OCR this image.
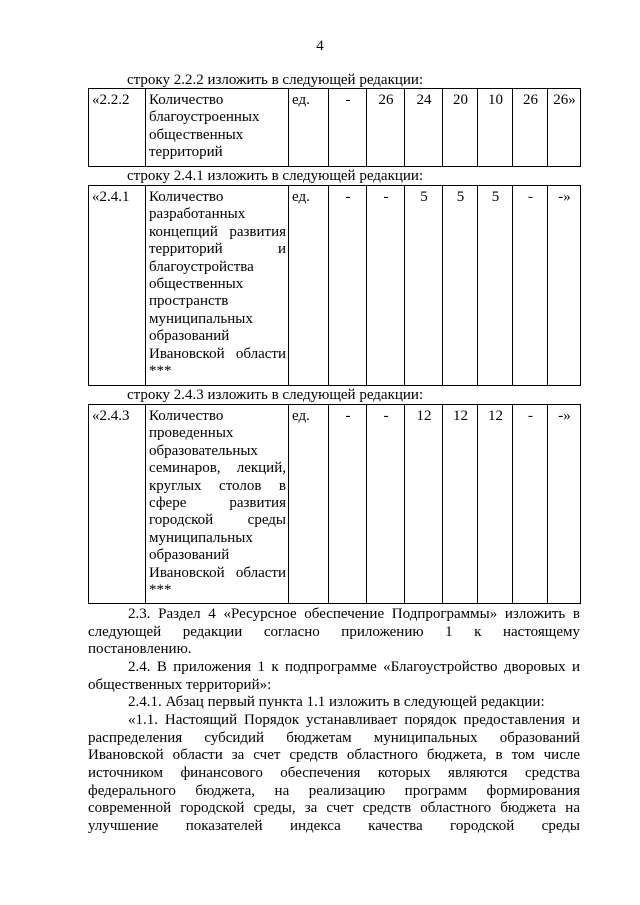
4
строку 2.2.2 изложить в следующей редакции:
«2.2.2	Количество благоустроенных общественных территорий	ед.	-	26	24	20	10	26	26»
строку 2.4.1 изложить в следующей редакции:
«2.4.1	Количество разработанных концепций развития территорий и благоустройства общественных пространств муниципальных образований Ивановской области ***	ед.	-	-	5	5	5	-	-»
строку 2.4.3 изложить в следующей редакции:
«2.4.3	Количество проведенных образовательных семинаров, лекций, круглых столов в сфере развития городской среды муниципальных образований Ивановской области ***	ед.	-	-	12	12	12	-	-»
2.3. Раздел 4 «Ресурсное обеспечение Подпрограммы» изложить в
следующей редакции согласно приложению 1 к настоящему
постановлению.
2.4. В приложения 1 к подпрограмме «Благоустройство дворовых и
общественных территорий»:
2.4.1. Абзац первый пункта 1.1 изложить в следующей редакции:
«1.1. Настоящий Порядок устанавливает порядок предоставления и
распределения субсидий бюджетам муниципальных образований
Ивановской области за счет средств областного бюджета, в том числе
источником финансового обеспечения которых являются средства
федерального бюджета, на реализацию программ формирования
современной городской среды, за счет средств областного бюджета на
улучшение показателей индекса качества городской среды
